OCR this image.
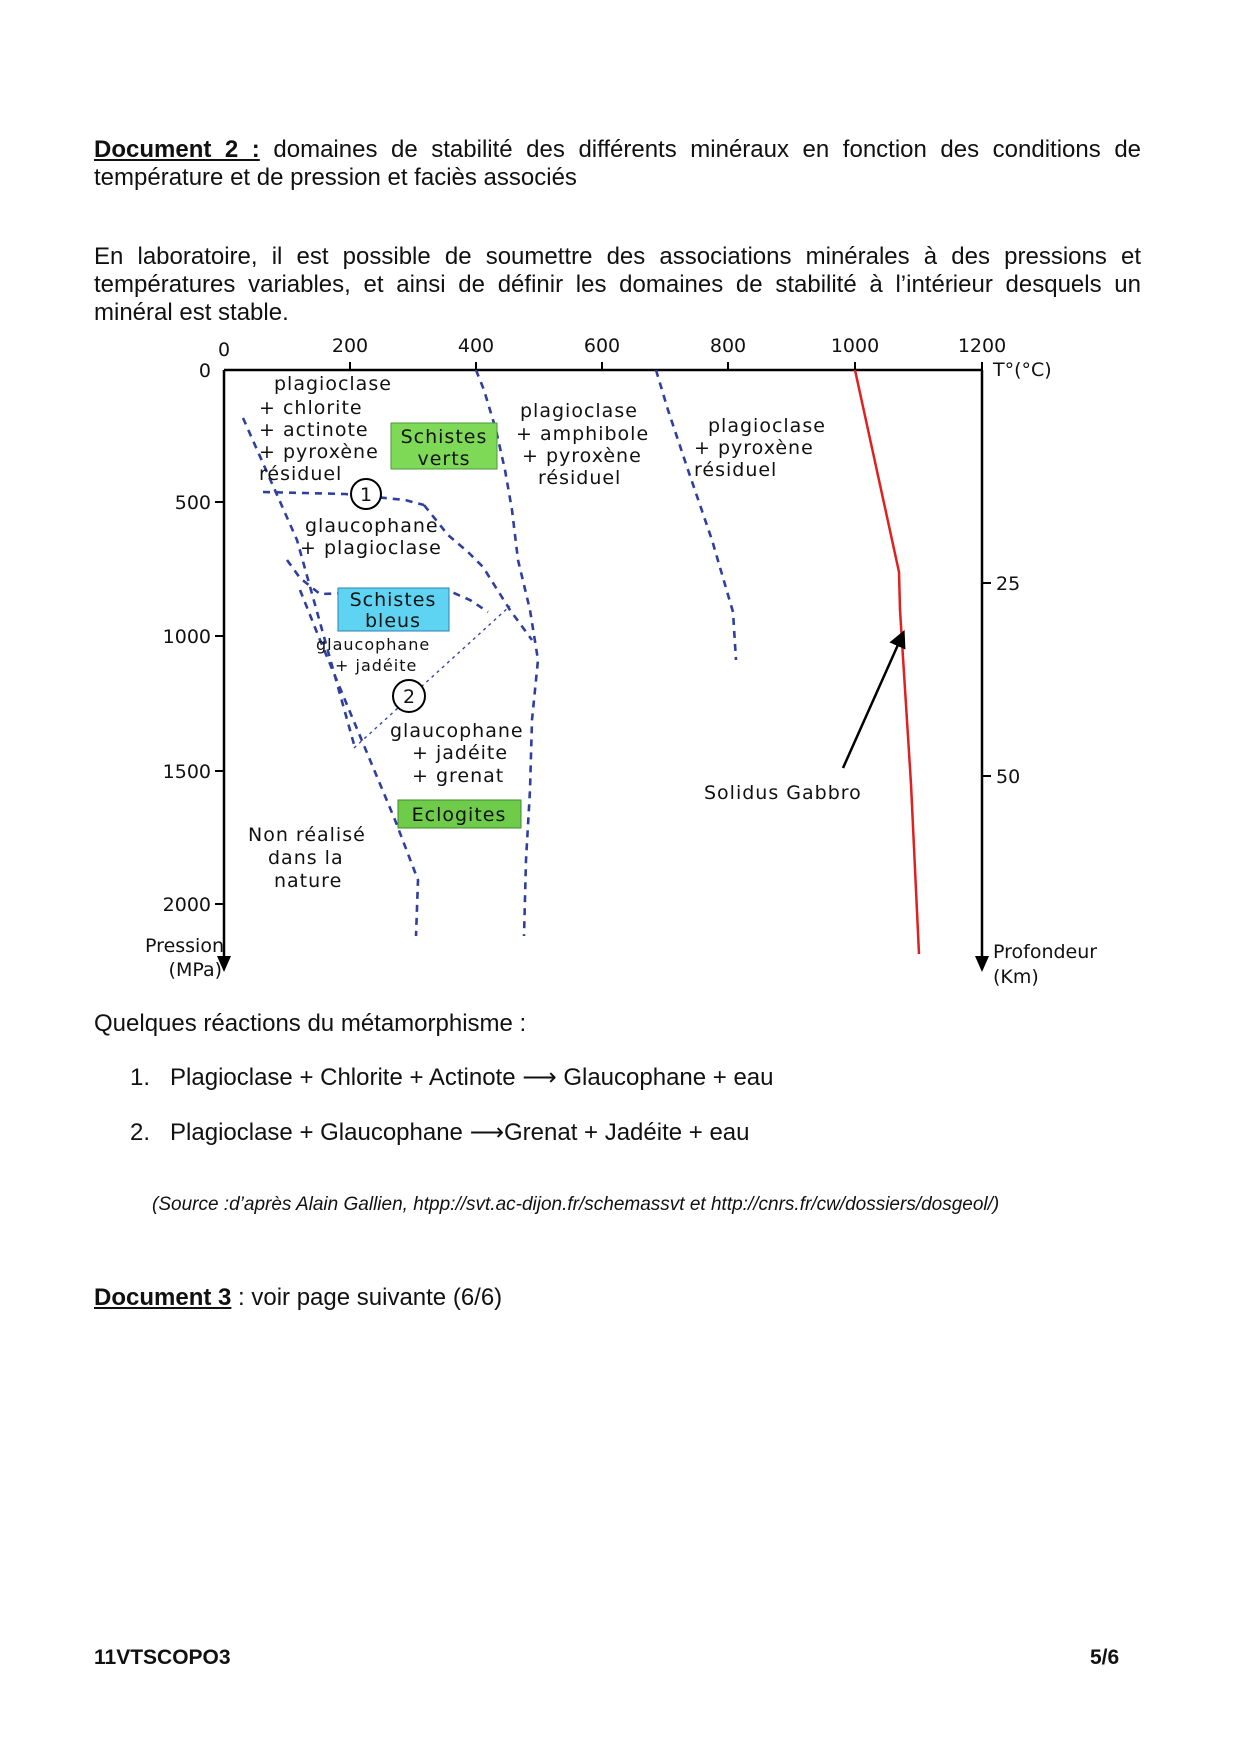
Document 2 : domaines de stabilité des différents minéraux en fonction des conditions de température et de pression et faciès associés
En laboratoire, il est possible de soumettre des associations minérales à des pressions et températures variables, et ainsi de définir les domaines de stabilité à l’intérieur desquels un minéral est stable.
0	200	400	600	800	1000	1200
T°(°C)
0
500
1000
1500
2000
Pression
(MPa)
25
50
Profondeur
(Km)
Solidus Gabbro
plagioclase
+ chlorite
+ actinote
+ pyroxène
résiduel
plagioclase
+ amphibole
+ pyroxène
résiduel
plagioclase
+ pyroxène
résiduel
glaucophane
+ plagioclase
glaucophane
+ jadéite
glaucophane
+ jadéite
+ grenat
Non réalisé
dans la
nature
Schistes
verts
Schistes
bleus
Eclogites
1
2
Quelques réactions du métamorphisme :
1. Plagioclase + Chlorite + Actinote ⟶ Glaucophane + eau
2. Plagioclase + Glaucophane ⟶Grenat + Jadéite + eau
(Source :d’après Alain Gallien, htpp://svt.ac-dijon.fr/schemassvt et http://cnrs.fr/cw/dossiers/dosgeol/)
Document 3 : voir page suivante (6/6)
11VTSCOPO3	5/6
